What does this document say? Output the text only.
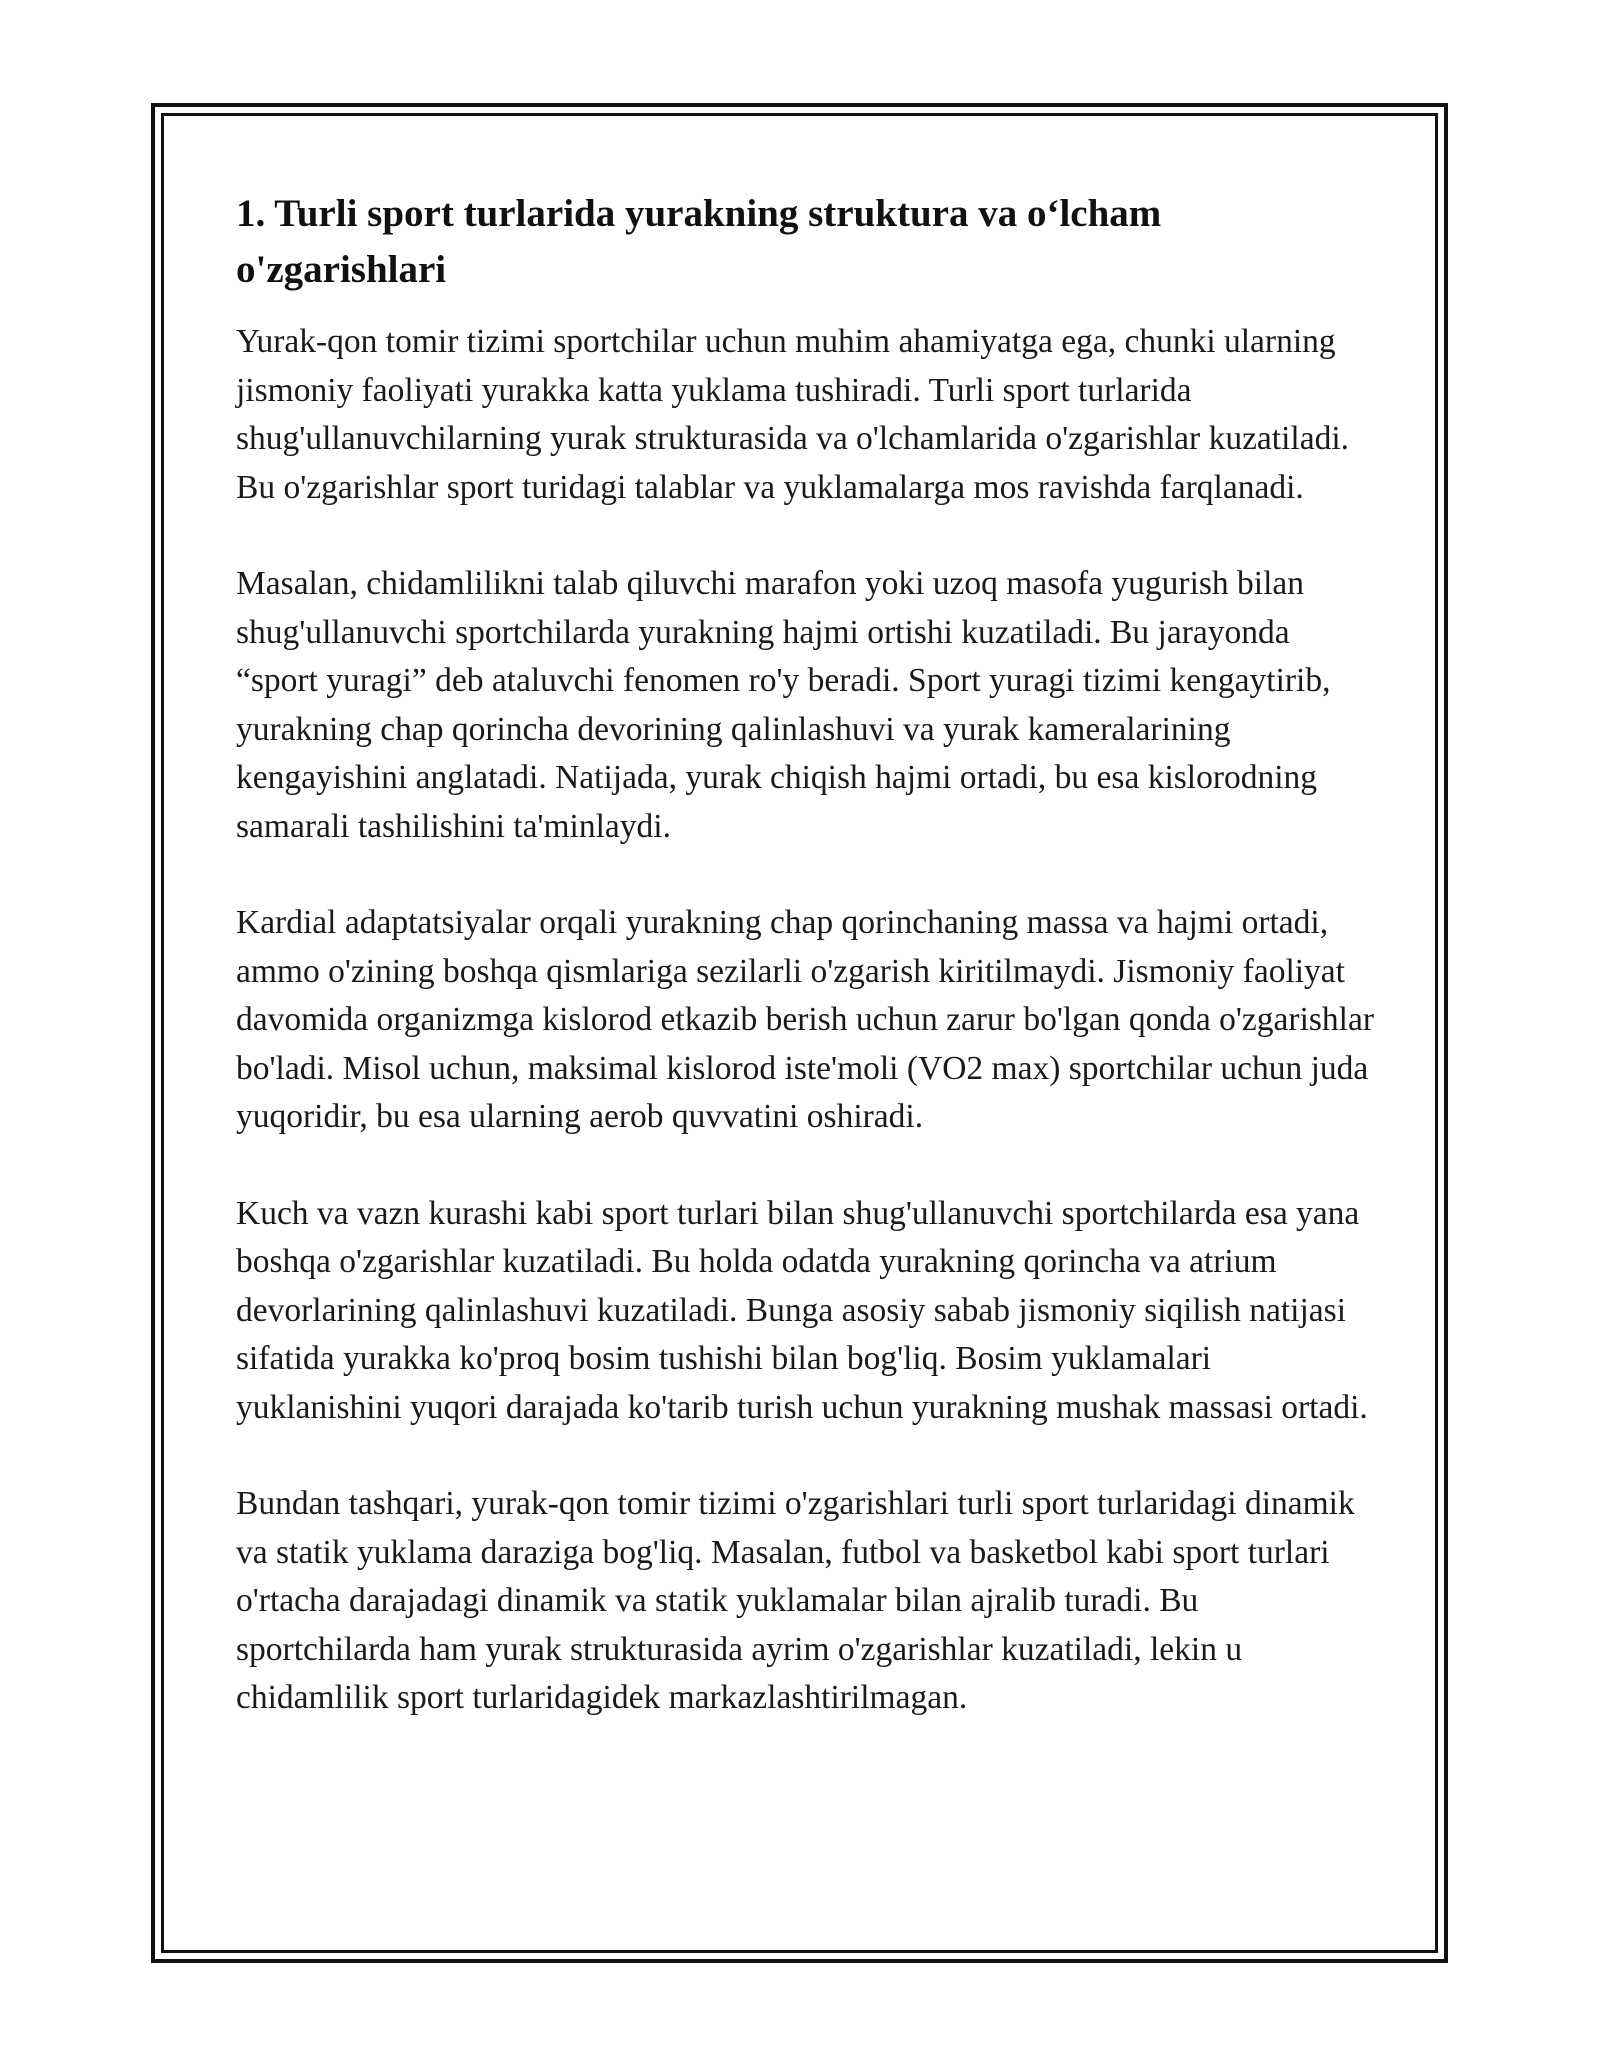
1. Turli sport turlarida yurakning struktura va o‘lcham o'zgarishlari

Yurak-qon tomir tizimi sportchilar uchun muhim ahamiyatga ega, chunki ularning jismoniy faoliyati yurakka katta yuklama tushiradi. Turli sport turlarida shug'ullanuvchilarning yurak strukturasida va o'lchamlarida o'zgarishlar kuzatiladi. Bu o'zgarishlar sport turidagi talablar va yuklamalarga mos ravishda farqlanadi.

Masalan, chidamlilikni talab qiluvchi marafon yoki uzoq masofa yugurish bilan shug'ullanuvchi sportchilarda yurakning hajmi ortishi kuzatiladi. Bu jarayonda “sport yuragi” deb ataluvchi fenomen ro'y beradi. Sport yuragi tizimi kengaytirib, yurakning chap qorincha devorining qalinlashuvi va yurak kameralarining kengayishini anglatadi. Natijada, yurak chiqish hajmi ortadi, bu esa kislorodning samarali tashilishini ta'minlaydi.

Kardial adaptatsiyalar orqali yurakning chap qorinchaning massa va hajmi ortadi, ammo o'zining boshqa qismlariga sezilarli o'zgarish kiritilmaydi. Jismoniy faoliyat davomida organizmga kislorod etkazib berish uchun zarur bo'lgan qonda o'zgarishlar bo'ladi. Misol uchun, maksimal kislorod iste'moli (VO2 max) sportchilar uchun juda yuqoridir, bu esa ularning aerob quvvatini oshiradi.

Kuch va vazn kurashi kabi sport turlari bilan shug'ullanuvchi sportchilarda esa yana boshqa o'zgarishlar kuzatiladi. Bu holda odatda yurakning qorincha va atrium devorlarining qalinlashuvi kuzatiladi. Bunga asosiy sabab jismoniy siqilish natijasi sifatida yurakka ko'proq bosim tushishi bilan bog'liq. Bosim yuklamalari yuklanishini yuqori darajada ko'tarib turish uchun yurakning mushak massasi ortadi.

Bundan tashqari, yurak-qon tomir tizimi o'zgarishlari turli sport turlaridagi dinamik va statik yuklama daraziga bog'liq. Masalan, futbol va basketbol kabi sport turlari o'rtacha darajadagi dinamik va statik yuklamalar bilan ajralib turadi. Bu sportchilarda ham yurak strukturasida ayrim o'zgarishlar kuzatiladi, lekin u chidamlilik sport turlaridagidek markazlashtirilmagan.
